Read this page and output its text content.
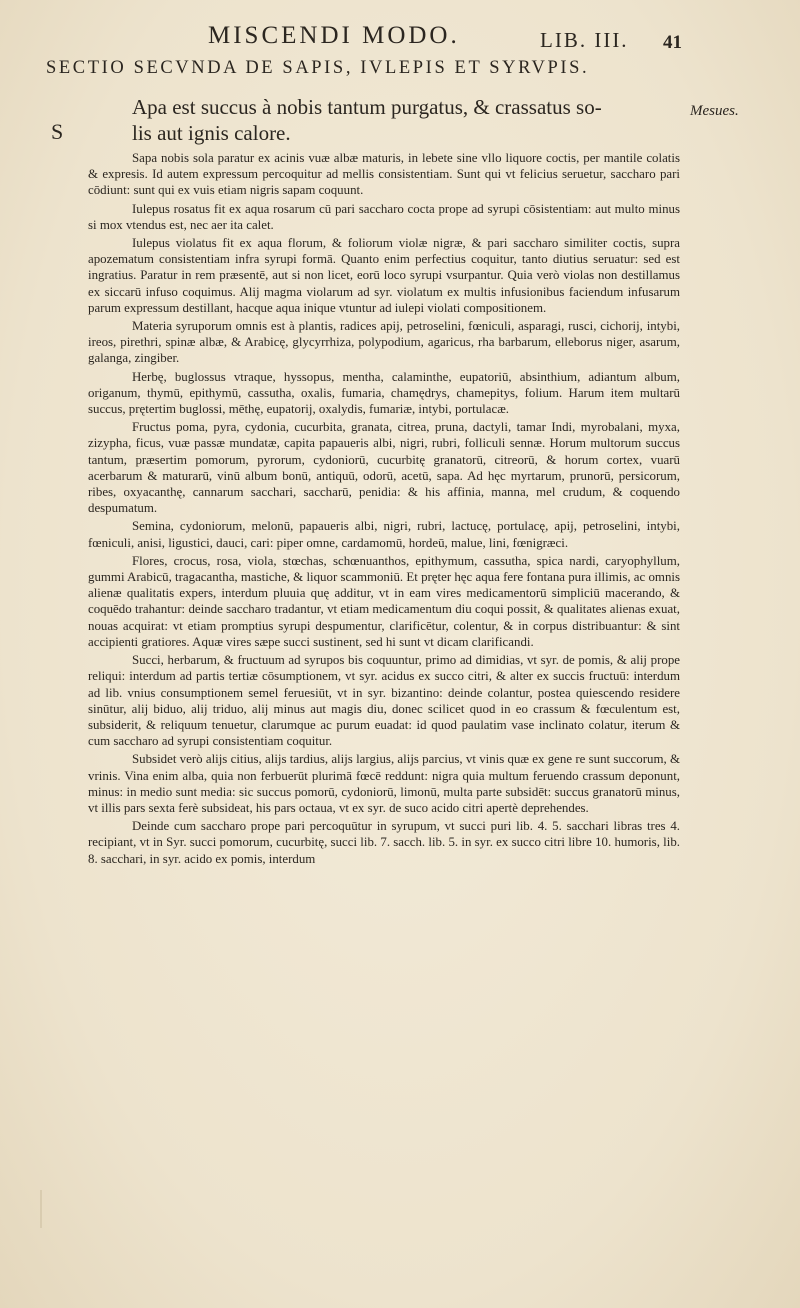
MISCENDI MODO.	LIB. III. 41
SECTIO SECVNDA DE SAPIS, IVLEPIS ET SYRVPIS.
Mesues.
S
Apa est succus à nobis tantum purgatus, & crassatus so-
lis aut ignis calore.

Sapa nobis sola paratur ex acinis vuæ albæ maturis, in lebete sine vllo liquore coctis, per mantile colatis & expresis. Id autem expressum percoquitur ad mellis consistentiam. Sunt qui vt felicius seruetur, saccharo pari cōdiunt: sunt qui ex vuis etiam nigris sapam coquunt.

Iulepus rosatus fit ex aqua rosarum cū pari saccharo cocta prope ad syrupi cōsistentiam: aut multo minus si mox vtendus est, nec aer ita calet.

Iulepus violatus fit ex aqua florum, & foliorum violæ nigræ, & pari saccharo similiter coctis, supra apozematum consistentiam infra syrupi formā. Quanto enim perfectius coquitur, tanto diutius seruatur: sed est ingratius. Paratur in rem præsentē, aut si non licet, eorū loco syrupi vsurpantur. Quia verò violas non destillamus ex siccarū infuso coquimus. Alij magma violarum ad syr. violatum ex multis infusionibus faciendum infusarum parum expressum destillant, hacque aqua inique vtuntur ad iulepi violati compositionem.

Materia syruporum omnis est à plantis, radices apij, petroselini, fœniculi, asparagi, rusci, cichorij, intybi, ireos, pirethri, spinæ albæ, & Arabicę, glycyrrhiza, polypodium, agaricus, rha barbarum, elleborus niger, asarum, galanga, zingiber.

Herbę, buglossus vtraque, hyssopus, mentha, calaminthe, eupatoriū, absinthium, adiantum album, origanum, thymū, epithymū, cassutha, oxalis, fumaria, chamędrys, chamepitys, folium. Harum item multarū succus, prętertim buglossi, mēthę, eupatorij, oxalydis, fumariæ, intybi, portulacæ.

Fructus poma, pyra, cydonia, cucurbita, granata, citrea, pruna, dactyli, tamar Indi, myrobalani, myxa, zizypha, ficus, vuæ passæ mundatæ, capita papaueris albi, nigri, rubri, folliculi sennæ. Horum multorum succus tantum, præsertim pomorum, pyrorum, cydoniorū, cucurbitę granatorū, citreorū, & horum cortex, vuarū acerbarum & maturarū, vinū album bonū, antiquū, odorū, acetū, sapa. Ad hęc myrtarum, prunorū, persicorum, ribes, oxyacanthę, cannarum sacchari, saccharū, penidia: & his affinia, manna, mel crudum, & coquendo despumatum.

Semina, cydoniorum, melonū, papaueris albi, nigri, rubri, lactucę, portulacę, apij, petroselini, intybi, fœniculi, anisi, ligustici, dauci, cari: piper omne, cardamomū, hordeū, malue, lini, fœnigræci.

Flores, crocus, rosa, viola, stœchas, schœnuanthos, epithymum, cassutha, spica nardi, caryophyllum, gummi Arabicū, tragacantha, mastiche, & liquor scammoniū. Et pręter hęc aqua fere fontana pura illimis, ac omnis alienæ qualitatis expers, interdum pluuia quę additur, vt in eam vires medicamentorū simpliciū macerando, & coquēdo trahantur: deinde saccharo tradantur, vt etiam medicamentum diu coqui possit, & qualitates alienas exuat, nouas acquirat: vt etiam promptius syrupi despumentur, clarificētur, colentur, & in corpus distribuantur: & sint accipienti gratiores. Aquæ vires sæpe succi sustinent, sed hi sunt vt dicam clarificandi.

Succi, herbarum, & fructuum ad syrupos bis coquuntur, primo ad dimidias, vt syr. de pomis, & alij prope reliqui: interdum ad partis tertiæ cōsumptionem, vt syr. acidus ex succo citri, & alter ex succis fructuū: interdum ad lib. vnius consumptionem semel feruesiūt, vt in syr. bizantino: deinde colantur, postea quiescendo residere sinūtur, alij biduo, alij triduo, alij minus aut magis diu, donec scilicet quod in eo crassum & fœculentum est, subsiderit, & reliquum tenuetur, clarumque ac purum euadat: id quod paulatim vase inclinato colatur, iterum & cum saccharo ad syrupi consistentiam coquitur.

Subsidet verò alijs citius, alijs tardius, alijs largius, alijs parcius, vt vinis quæ ex gene re sunt succorum, & vrinis. Vina enim alba, quia non ferbuerūt plurimā fœcē reddunt: nigra quia multum feruendo crassum deponunt, minus: in medio sunt media: sic succus pomorū, cydoniorū, limonū, multa parte subsidēt: succus granatorū minus, vt illis pars sexta ferè subsideat, his pars octaua, vt ex syr. de suco acido citri apertè deprehendes.

Deinde cum saccharo prope pari percoquūtur in syrupum, vt succi puri lib. 4. 5. sacchari libras tres 4. recipiant, vt in Syr. succi pomorum, cucurbitę, succi lib. 7. sacch. lib. 5. in syr. ex succo citri libre 10. humoris, lib. 8. sacchari, in syr. acido ex pomis, interdum
